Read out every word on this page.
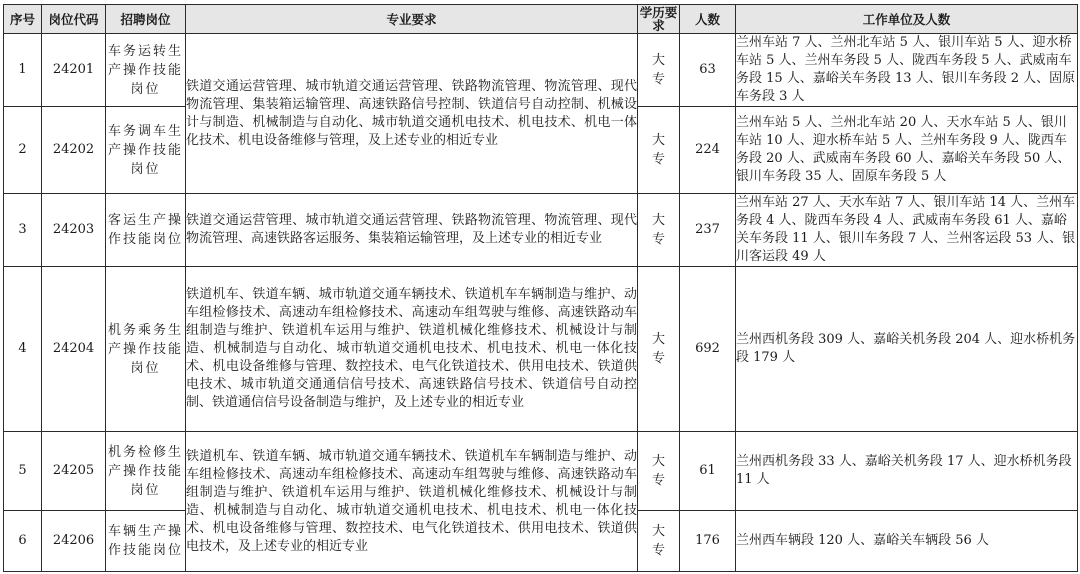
序号	岗位代码	招聘岗位	专业要求	学历要求	人数	工作单位及人数
1	24201	车务运转生产操作技能岗位	铁道交通运营管理、城市轨道交通运营管理、铁路物流管理、物流管理、现代物流管理、集装箱运输管理、高速铁路信号控制、铁道信号自动控制、机械设计与制造、机械制造与自动化、城市轨道交通机电技术、机电技术、机电一体化技术、机电设备维修与管理，及上述专业的相近专业	大专	63	兰州车站 7 人、兰州北车站 5 人、银川车站 5 人、迎水桥车站 5 人、兰州车务段 5 人、陇西车务段 5 人、武威南车务段 15 人、嘉峪关车务段 13 人、银川车务段 2 人、固原车务段 3 人
2	24202	车务调车生产操作技能岗位		大专	224	兰州车站 5 人、兰州北车站 20 人、天水车站 5 人、银川车站 10 人、迎水桥车站 5 人、兰州车务段 9 人、陇西车务段 20 人、武威南车务段 60 人、嘉峪关车务段 50 人、银川车务段 35 人、固原车务段 5 人
3	24203	客运生产操作技能岗位	铁道交通运营管理、城市轨道交通运营管理、铁路物流管理、物流管理、现代物流管理、高速铁路客运服务、集装箱运输管理，及上述专业的相近专业	大专	237	兰州车站 27 人、天水车站 7 人、银川车站 14 人、兰州车务段 4 人、陇西车务段 4 人、武威南车务段 61 人、嘉峪关车务段 11 人、银川车务段 7 人、兰州客运段 53 人、银川客运段 49 人
4	24204	机务乘务生产操作技能岗位	铁道机车、铁道车辆、城市轨道交通车辆技术、铁道机车车辆制造与维护、动车组检修技术、高速动车组检修技术、高速动车组驾驶与维修、高速铁路动车组制造与维护、铁道机车运用与维护、铁道机械化维修技术、机械设计与制造、机械制造与自动化、城市轨道交通机电技术、机电技术、机电一体化技术、机电设备维修与管理、数控技术、电气化铁道技术、供用电技术、铁道供电技术、城市轨道交通通信信号技术、高速铁路信号技术、铁道信号自动控制、铁道通信信号设备制造与维护，及上述专业的相近专业	大专	692	兰州西机务段 309 人、嘉峪关机务段 204 人、迎水桥机务段 179 人
5	24205	机务检修生产操作技能岗位	铁道机车、铁道车辆、城市轨道交通车辆技术、铁道机车车辆制造与维护、动车组检修技术、高速动车组检修技术、高速动车组驾驶与维修、高速铁路动车组制造与维护、铁道机车运用与维护、铁道机械化维修技术、机械设计与制造、机械制造与自动化、城市轨道交通机电技术、机电技术、机电一体化技术、机电设备维修与管理、数控技术、电气化铁道技术、供用电技术、铁道供电技术，及上述专业的相近专业	大专	61	兰州西机务段 33 人、嘉峪关机务段 17 人、迎水桥机务段 11 人
6	24206	车辆生产操作技能岗位		大专	176	兰州西车辆段 120 人、嘉峪关车辆段 56 人
